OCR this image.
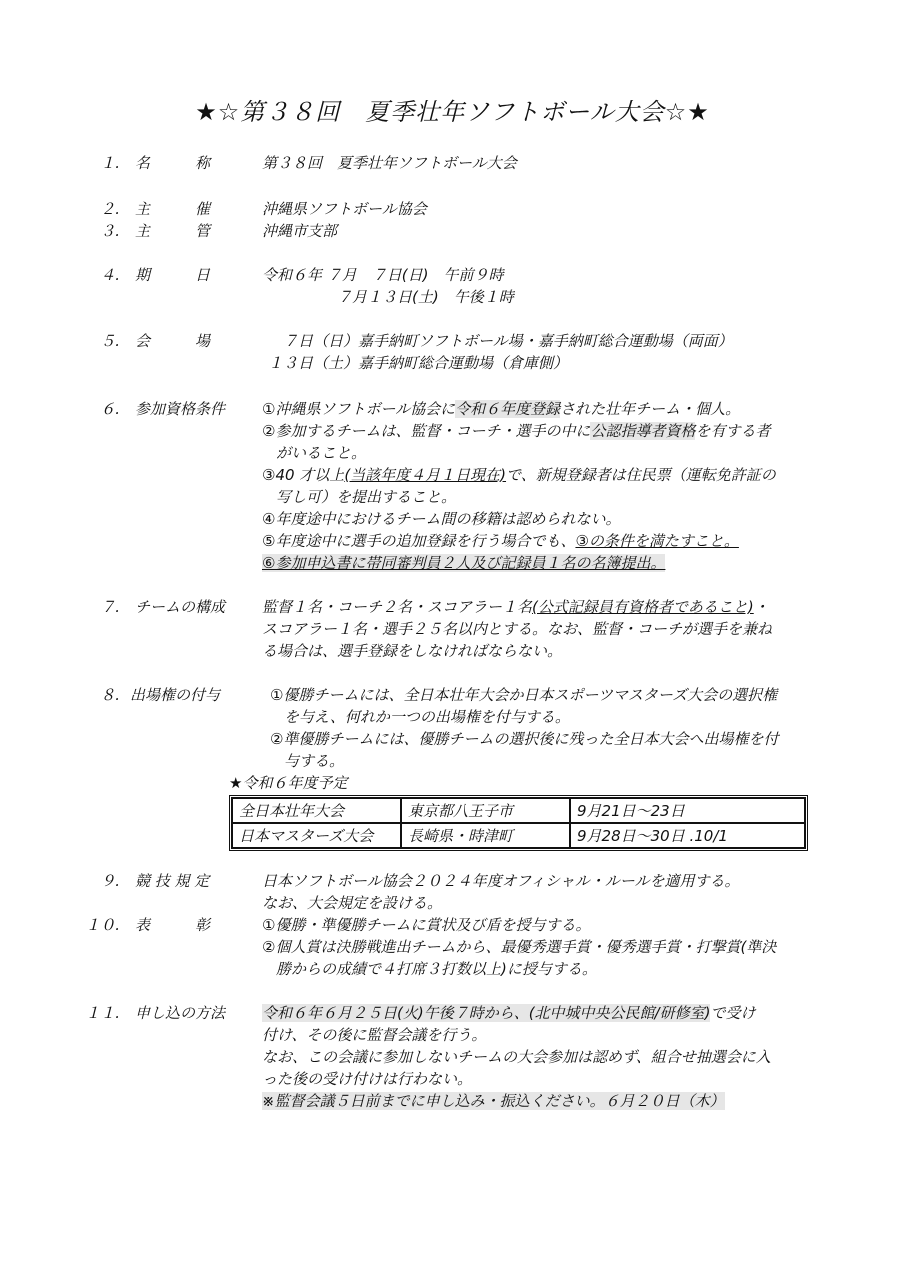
★☆第３８回　夏季壮年ソフトボール大会☆★
１. 名　　　称	第３８回　夏季壮年ソフトボール大会
２. 主　　　催	沖縄県ソフトボール協会
３. 主　　　管	沖縄市支部
４. 期　　　日	令和６年 ７月　７日(日)　午前９時
７月１３日(土)　午後１時
５. 会　　　場	　７日（日）嘉手納町ソフトボール場・嘉手納町総合運動場（両面）
１３日（土）嘉手納町総合運動場（倉庫側）
６. 参加資格条件 ①沖縄県ソフトボール協会に令和６年度登録された壮年チーム・個人。
②参加するチームは、監督・コーチ・選手の中に公認指導者資格を有する者
がいること。
③40 才以上(当該年度４月１日現在)で、新規登録者は住民票（運転免許証の
写し可）を提出すること。
④年度途中におけるチーム間の移籍は認められない。
⑤年度途中に選手の追加登録を行う場合でも、③の条件を満たすこと。
⑥参加申込書に帯同審判員２人及び記録員１名の名簿提出。
７. チームの構成 監督１名・コーチ２名・スコアラー１名(公式記録員有資格者であること)・
スコアラー１名・選手２５名以内とする。なお、監督・コーチが選手を兼ね
る場合は、選手登録をしなければならない。
８. 出場権の付与	①優勝チームには、全日本壮年大会か日本スポーツマスターズ大会の選択権
を与え、何れか一つの出場権を付与する。
②準優勝チームには、優勝チームの選択後に残った全日本大会へ出場権を付
与する。
★令和６年度予定
全日本壮年大会	東京都八王子市	9月21日～23日
日本マスターズ大会	長崎県・時津町	9月28日～30日 .10/1
９. 競 技 規 定	日本ソフトボール協会２０２４年度オフィシャル・ルールを適用する。
なお、大会規定を設ける。
１０. 表　　　彰	①優勝・準優勝チームに賞状及び盾を授与する。
②個人賞は決勝戦進出チームから、最優秀選手賞・優秀選手賞・打撃賞(準決
勝からの成績で４打席３打数以上)に授与する。
１１. 申し込の方法 令和６年６月２５日(火)午後７時から、(北中城中央公民館/研修室)で受け
付け、その後に監督会議を行う。
なお、この会議に参加しないチームの大会参加は認めず、組合せ抽選会に入
った後の受け付けは行わない。
※監督会議５日前までに申し込み・振込ください。６月２０日（木）
